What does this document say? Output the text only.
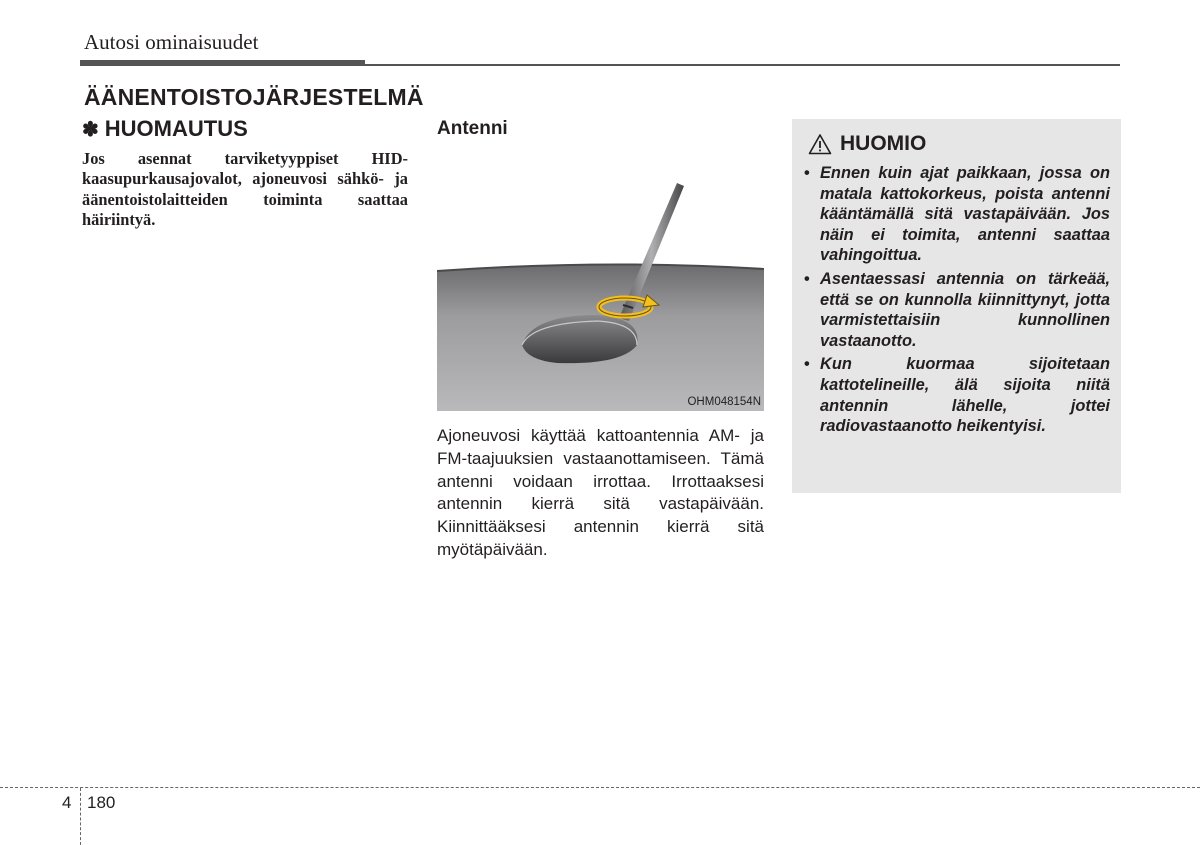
Autosi ominaisuudet
ÄÄNENTOISTOJÄRJESTELMÄ
✽ HUOMAUTUS
Jos asennat tarviketyyppiset HID-kaasupurkausajovalot, ajoneuvosi sähkö- ja äänentoistolaitteiden toiminta saattaa häiriintyä.
Antenni
OHM048154N
Ajoneuvosi käyttää kattoantennia AM- ja FM-taajuuksien vastaanottamiseen. Tämä antenni voidaan irrottaa. Irrottaaksesi antennin kierrä sitä vastapäivään. Kiinnittääksesi antennin kierrä sitä myötäpäivään.
HUOMIO
• Ennen kuin ajat paikkaan, jossa on matala kattokorkeus, poista antenni kääntämällä sitä vastapäivään. Jos näin ei toimita, antenni saattaa vahingoittua.
• Asentaessasi antennia on tärkeää, että se on kunnolla kiinnittynyt, jotta varmistettaisiin kunnollinen vastaanotto.
• Kun kuormaa sijoitetaan kattotelineille, älä sijoita niitä antennin lähelle, jottei radiovastaanotto heikentyisi.
4 180
